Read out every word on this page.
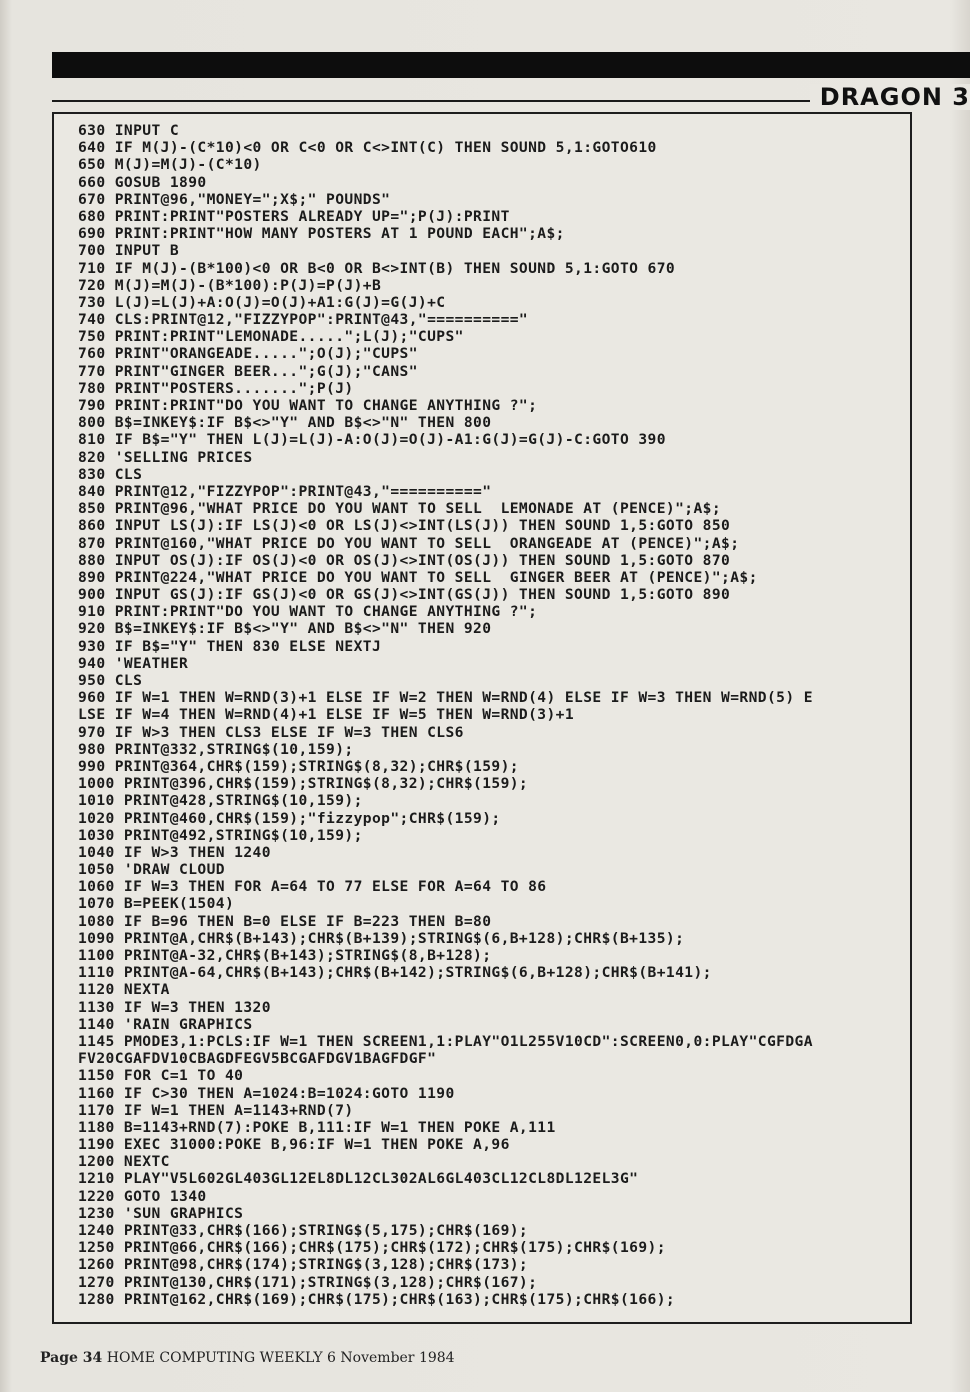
DRAGON 3
630 INPUT C
640 IF M(J)-(C*10)<0 OR C<0 OR C<>INT(C) THEN SOUND 5,1:GOTO610
650 M(J)=M(J)-(C*10)
660 GOSUB 1890
670 PRINT@96,"MONEY=";X$;" POUNDS"
680 PRINT:PRINT"POSTERS ALREADY UP=";P(J):PRINT
690 PRINT:PRINT"HOW MANY POSTERS AT 1 POUND EACH";A$;
700 INPUT B
710 IF M(J)-(B*100)<0 OR B<0 OR B<>INT(B) THEN SOUND 5,1:GOTO 670
720 M(J)=M(J)-(B*100):P(J)=P(J)+B
730 L(J)=L(J)+A:O(J)=O(J)+A1:G(J)=G(J)+C
740 CLS:PRINT@12,"FIZZYPOP":PRINT@43,"=========="
750 PRINT:PRINT"LEMONADE.....";L(J);"CUPS"
760 PRINT"ORANGEADE.....";O(J);"CUPS"
770 PRINT"GINGER BEER...";G(J);"CANS"
780 PRINT"POSTERS.......";P(J)
790 PRINT:PRINT"DO YOU WANT TO CHANGE ANYTHING ?";
800 B$=INKEY$:IF B$<>"Y" AND B$<>"N" THEN 800
810 IF B$="Y" THEN L(J)=L(J)-A:O(J)=O(J)-A1:G(J)=G(J)-C:GOTO 390
820 'SELLING PRICES
830 CLS
840 PRINT@12,"FIZZYPOP":PRINT@43,"=========="
850 PRINT@96,"WHAT PRICE DO YOU WANT TO SELL  LEMONADE AT (PENCE)";A$;
860 INPUT LS(J):IF LS(J)<0 OR LS(J)<>INT(LS(J)) THEN SOUND 1,5:GOTO 850
870 PRINT@160,"WHAT PRICE DO YOU WANT TO SELL  ORANGEADE AT (PENCE)";A$;
880 INPUT OS(J):IF OS(J)<0 OR OS(J)<>INT(OS(J)) THEN SOUND 1,5:GOTO 870
890 PRINT@224,"WHAT PRICE DO YOU WANT TO SELL  GINGER BEER AT (PENCE)";A$;
900 INPUT GS(J):IF GS(J)<0 OR GS(J)<>INT(GS(J)) THEN SOUND 1,5:GOTO 890
910 PRINT:PRINT"DO YOU WANT TO CHANGE ANYTHING ?";
920 B$=INKEY$:IF B$<>"Y" AND B$<>"N" THEN 920
930 IF B$="Y" THEN 830 ELSE NEXTJ
940 'WEATHER
950 CLS
960 IF W=1 THEN W=RND(3)+1 ELSE IF W=2 THEN W=RND(4) ELSE IF W=3 THEN W=RND(5) E
LSE IF W=4 THEN W=RND(4)+1 ELSE IF W=5 THEN W=RND(3)+1
970 IF W>3 THEN CLS3 ELSE IF W=3 THEN CLS6
980 PRINT@332,STRING$(10,159);
990 PRINT@364,CHR$(159);STRING$(8,32);CHR$(159);
1000 PRINT@396,CHR$(159);STRING$(8,32);CHR$(159);
1010 PRINT@428,STRING$(10,159);
1020 PRINT@460,CHR$(159);"fizzypop";CHR$(159);
1030 PRINT@492,STRING$(10,159);
1040 IF W>3 THEN 1240
1050 'DRAW CLOUD
1060 IF W=3 THEN FOR A=64 TO 77 ELSE FOR A=64 TO 86
1070 B=PEEK(1504)
1080 IF B=96 THEN B=0 ELSE IF B=223 THEN B=80
1090 PRINT@A,CHR$(B+143);CHR$(B+139);STRING$(6,B+128);CHR$(B+135);
1100 PRINT@A-32,CHR$(B+143);STRING$(8,B+128);
1110 PRINT@A-64,CHR$(B+143);CHR$(B+142);STRING$(6,B+128);CHR$(B+141);
1120 NEXTA
1130 IF W=3 THEN 1320
1140 'RAIN GRAPHICS
1145 PMODE3,1:PCLS:IF W=1 THEN SCREEN1,1:PLAY"O1L255V10CD":SCREEN0,0:PLAY"CGFDGA
FV20CGAFDV10CBAGDFEGV5BCGAFDGV1BAGFDGF"
1150 FOR C=1 TO 40
1160 IF C>30 THEN A=1024:B=1024:GOTO 1190
1170 IF W=1 THEN A=1143+RND(7)
1180 B=1143+RND(7):POKE B,111:IF W=1 THEN POKE A,111
1190 EXEC 31000:POKE B,96:IF W=1 THEN POKE A,96
1200 NEXTC
1210 PLAY"V5L602GL403GL12EL8DL12CL302AL6GL403CL12CL8DL12EL3G"
1220 GOTO 1340
1230 'SUN GRAPHICS
1240 PRINT@33,CHR$(166);STRING$(5,175);CHR$(169);
1250 PRINT@66,CHR$(166);CHR$(175);CHR$(172);CHR$(175);CHR$(169);
1260 PRINT@98,CHR$(174);STRING$(3,128);CHR$(173);
1270 PRINT@130,CHR$(171);STRING$(3,128);CHR$(167);
1280 PRINT@162,CHR$(169);CHR$(175);CHR$(163);CHR$(175);CHR$(166);
Page 34 HOME COMPUTING WEEKLY 6 November 1984
